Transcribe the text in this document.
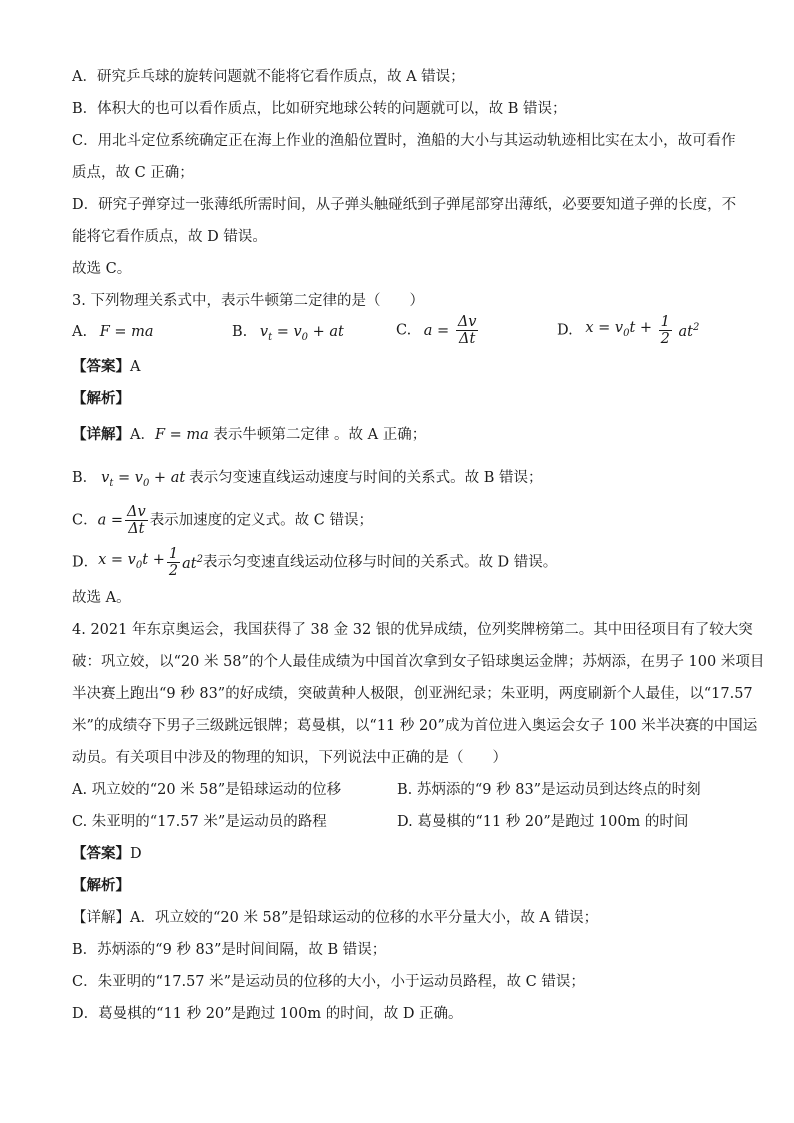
A．研究乒乓球的旋转问题就不能将它看作质点，故 A 错误；
B．体积大的也可以看作质点，比如研究地球公转的问题就可以，故 B 错误；
C．用北斗定位系统确定正在海上作业的渔船位置时，渔船的大小与其运动轨迹相比实在太小，故可看作
质点，故 C 正确；
D．研究子弹穿过一张薄纸所需时间，从子弹头触碰纸到子弹尾部穿出薄纸，必要要知道子弹的长度，不
能将它看作质点，故 D 错误。
故选 C。
3. 下列物理关系式中，表示牛顿第二定律的是（　　）
A. F = ma	B. $v_t = v_0$ + at	C. $a = \frac{\Delta v}{\Delta t}$	D. $x = v_0t + \frac{1}{2} at^2$
【答案】A
【解析】
【详解】A．F = ma 表示牛顿第二定律 。故 A 正确；
B． $v_t = v_0$ + at 表示匀变速直线运动速度与时间的关系式。故 B 错误；
C．$a = \frac{\Delta v}{\Delta t}$ 表示加速度的定义式。故 C 错误；
D．$x = v_0t + \frac{1}{2} at^2$表示匀变速直线运动位移与时间的关系式。故 D 错误。
故选 A。
4. 2021 年东京奥运会，我国获得了 38 金 32 银的优异成绩，位列奖牌榜第二。其中田径项目有了较大突
破：巩立姣，以“20 米 58”的个人最佳成绩为中国首次拿到女子铅球奥运金牌；苏炳添，在男子 100 米项目
半决赛上跑出“9 秒 83”的好成绩，突破黄种人极限，创亚洲纪录；朱亚明，两度刷新个人最佳，以“17.57
米”的成绩夺下男子三级跳远银牌；葛曼棋，以“11 秒 20”成为首位进入奥运会女子 100 米半决赛的中国运
动员。有关项目中涉及的物理的知识，下列说法中正确的是（　　）
A. 巩立姣的“20 米 58”是铅球运动的位移	B. 苏炳添的“9 秒 83”是运动员到达终点的时刻
C. 朱亚明的“17.57 米”是运动员的路程	D. 葛曼棋的“11 秒 20”是跑过 100m 的时间
【答案】D
【解析】
【详解】A．巩立姣的“20 米 58”是铅球运动的位移的水平分量大小，故 A 错误；
B．苏炳添的“9 秒 83”是时间间隔，故 B 错误；
C．朱亚明的“17.57 米”是运动员的位移的大小，小于运动员路程，故 C 错误；
D．葛曼棋的“11 秒 20”是跑过 100m 的时间，故 D 正确。
